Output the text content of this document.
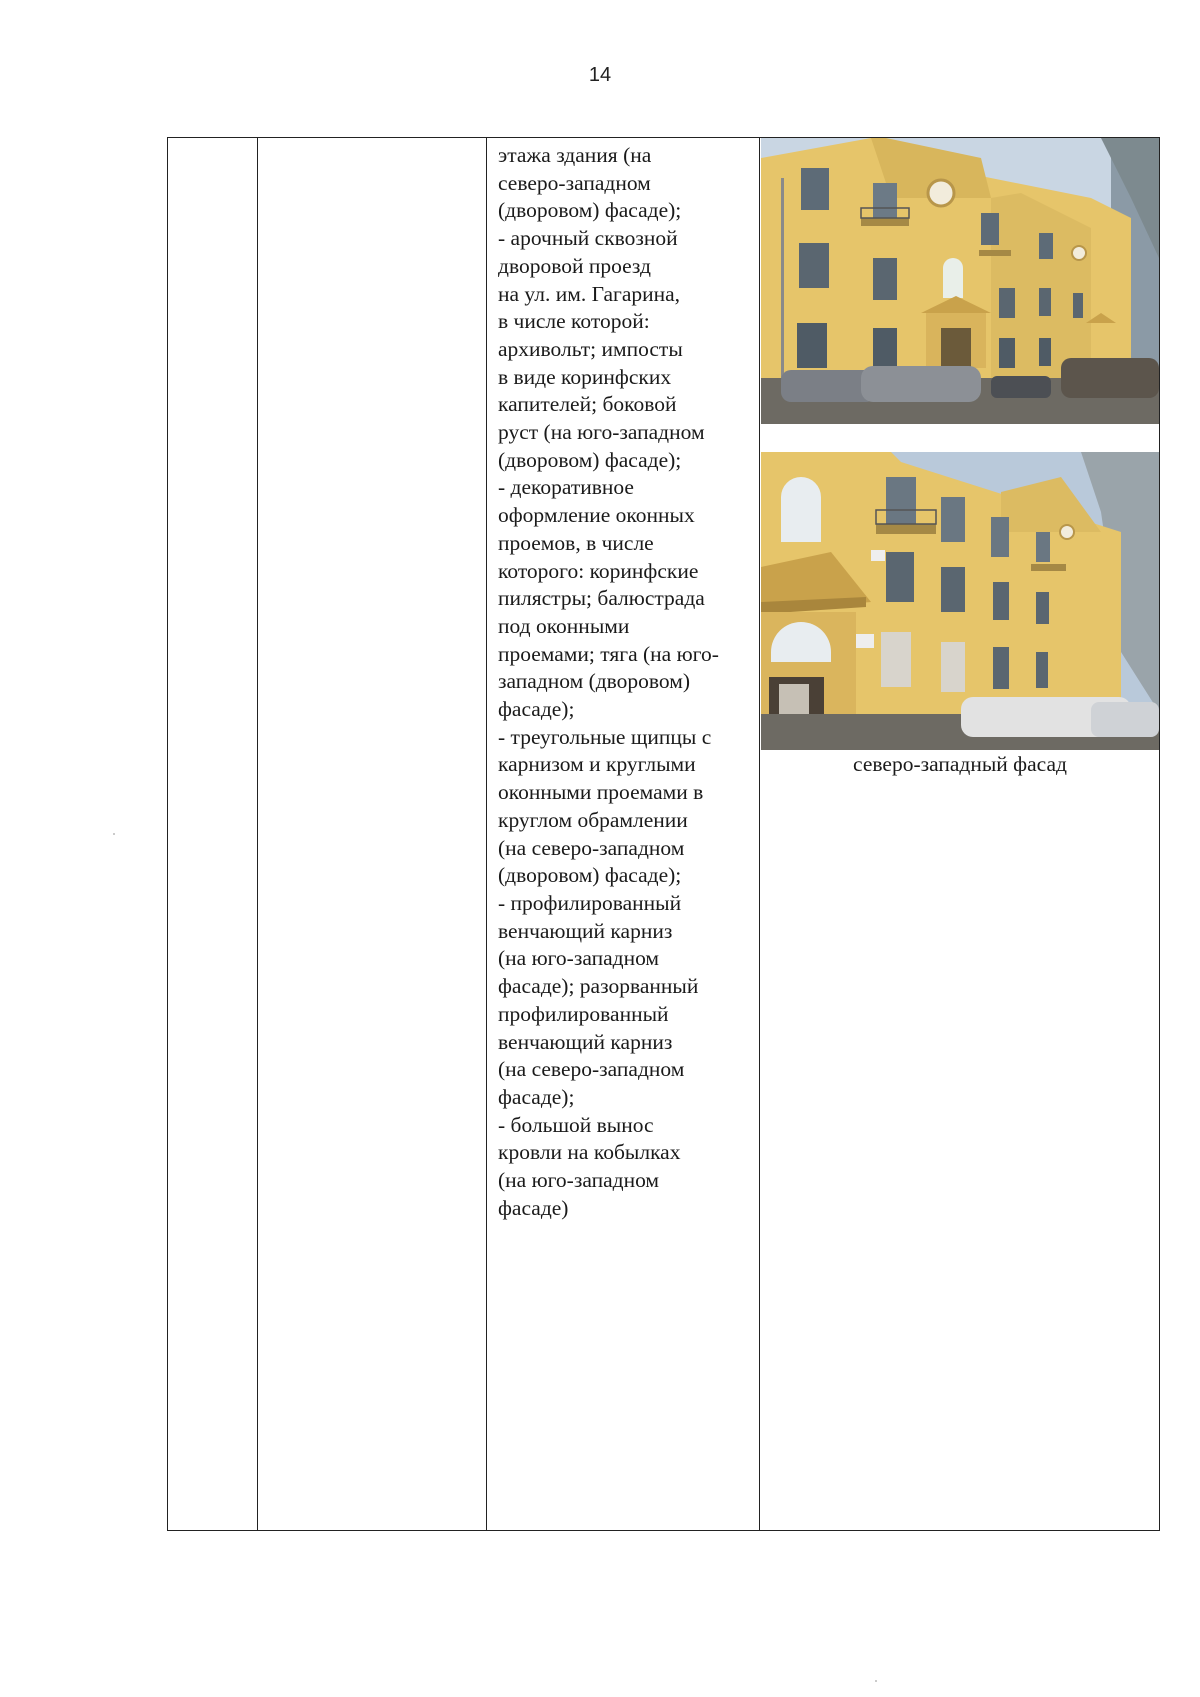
14
этажа здания (на
северо-западном
(дворовом) фасаде);
- арочный сквозной
дворовой проезд
на ул. им. Гагарина,
в числе которой:
архивольт; импосты
в виде коринфских
капителей; боковой
руст (на юго-западном
(дворовом) фасаде);
- декоративное
оформление оконных
проемов, в числе
которого: коринфские
пилястры; балюстрада
под оконными
проемами; тяга (на юго-
западном (дворовом)
фасаде);
- треугольные щипцы с
карнизом и круглыми
оконными проемами в
круглом обрамлении
(на северо-западном
(дворовом) фасаде);
- профилированный
венчающий карниз
(на юго-западном
фасаде); разорванный
профилированный
венчающий карниз
(на северо-западном
фасаде);
- большой вынос
кровли на кобылках
(на юго-западном
фасаде)
северо-западный фасад
